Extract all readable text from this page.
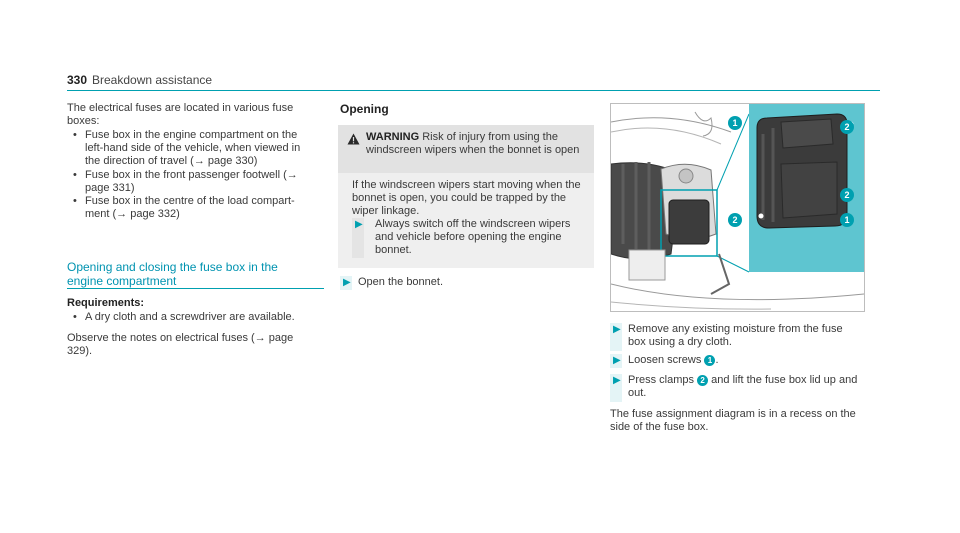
330 Breakdown assistance
The electrical fuses are located in various fuse boxes:
• Fuse box in the engine compartment on the left-hand side of the vehicle, when viewed in the direction of travel (→ page 330)
• Fuse box in the front passenger footwell (→ page 331)
• Fuse box in the centre of the load compart-ment (→ page 332)
Opening and closing the fuse box in the engine compartment
Requirements:
• A dry cloth and a screwdriver are available.
Observe the notes on electrical fuses (→ page 329).
Opening
WARNING Risk of injury from using the windscreen wipers when the bonnet is open
If the windscreen wipers start moving when the bonnet is open, you could be trapped by the wiper linkage.
▶ Always switch off the windscreen wipers and vehicle before opening the engine bonnet.
▶ Open the bonnet.
1	2
2
2	1
▶ Remove any existing moisture from the fuse box using a dry cloth.
▶ Loosen screws 1 .
▶ Press clamps 2 and lift the fuse box lid up and out.
The fuse assignment diagram is in a recess on the side of the fuse box.
